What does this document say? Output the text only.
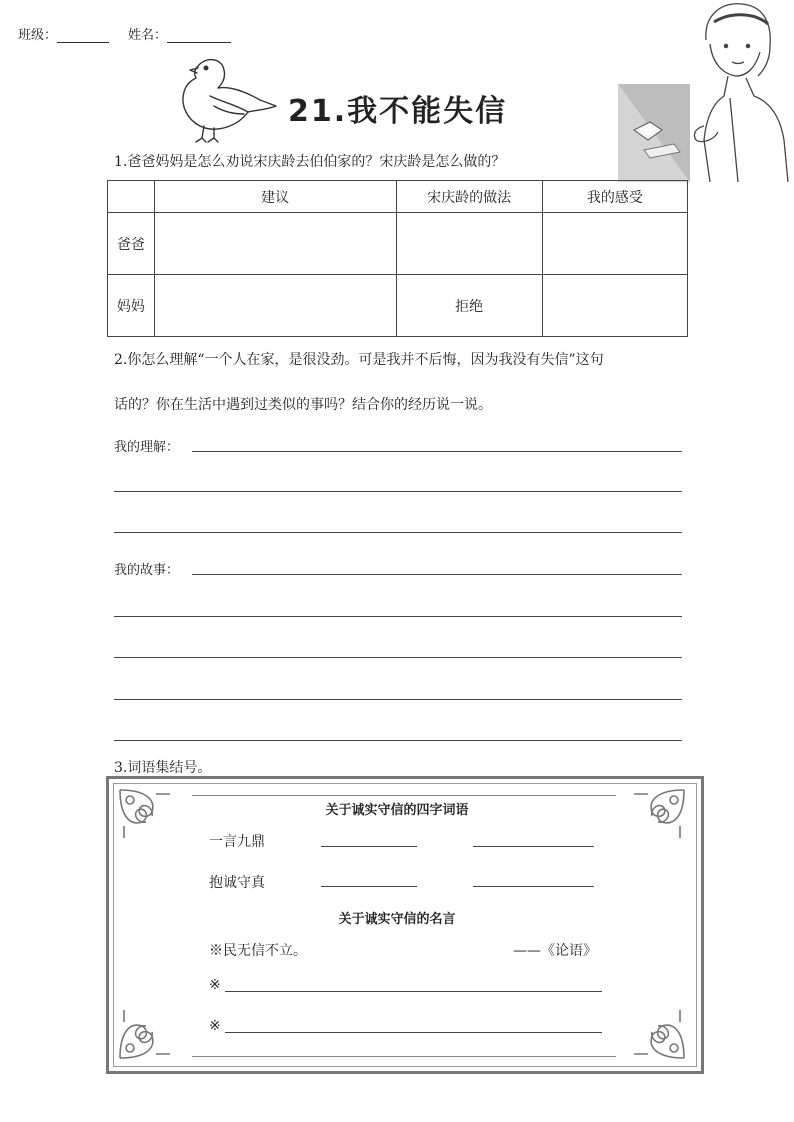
班级：	姓名：
21.我不能失信
1.爸爸妈妈是怎么劝说宋庆龄去伯伯家的？宋庆龄是怎么做的？
	建议	宋庆龄的做法	我的感受
爸爸			
妈妈		拒绝	
2.你怎么理解“一个人在家，是很没劲。可是我并不后悔，因为我没有失信”这句
话的？你在生活中遇到过类似的事吗？结合你的经历说一说。
我的理解：
我的故事：
3.词语集结号。
关于诚实守信的四字词语
一言九鼎
抱诚守真
关于诚实守信的名言
※民无信不立。	——《论语》
※
※
